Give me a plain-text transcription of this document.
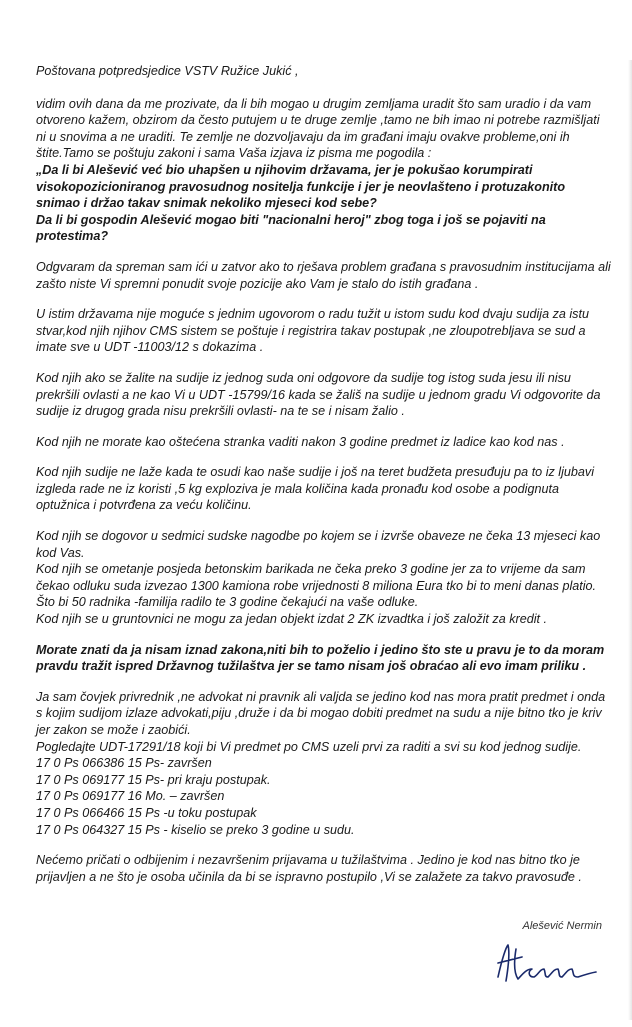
Poštovana potpredsjedice VSTV Ružice Jukić ,

vidim ovih dana da me prozivate, da li bih mogao u drugim zemljama uradit što sam uradio i da vam otvoreno kažem, obzirom da često putujem u te druge zemlje ,tamo ne bih imao ni potrebe razmišljati ni u snovima a ne uraditi. Te zemlje ne dozvoljavaju da im građani imaju ovakve probleme,oni ih štite.Tamo se poštuju zakoni i sama Vaša izjava iz pisma me pogodila :

„Da li bi Alešević već bio uhapšen u njihovim državama, jer je pokušao korumpirati visokopozicioniranog pravosudnog nositelja funkcije i jer je neovlašteno i protuzakonito snimao i držao takav snimak nekoliko mjeseci kod sebe?

Da li bi gospodin Alešević mogao biti "nacionalni heroj" zbog toga i još se pojaviti na protestima?

Odgvaram da spreman sam ići u zatvor ako to rješava problem građana s pravosudnim institucijama ali zašto niste Vi spremni ponudit svoje pozicije ako Vam je stalo do istih građana .

U istim državama nije moguće s jednim ugovorom o radu tužit u istom sudu kod dvaju sudija za istu stvar,kod njih njihov CMS sistem se poštuje i registrira takav postupak ,ne zloupotrebljava se sud a imate sve u UDT -11003/12 s dokazima .

Kod njih ako se žalite na sudije iz jednog suda oni odgovore da sudije tog istog suda jesu ili nisu prekršili ovlasti a ne kao Vi u UDT -15799/16 kada se žališ na sudije u jednom gradu Vi odgovorite da sudije iz drugog grada nisu prekršili ovlasti- na te se i nisam žalio .

Kod njih ne morate kao oštećena stranka vaditi nakon 3 godine predmet iz ladice kao kod nas .

Kod njih sudije ne laže kada te osudi kao naše sudije i još na teret budžeta presuđuju pa to iz ljubavi izgleda rade ne iz koristi ,5 kg explozivа je mala količina kada pronađu kod osobe a podignuta optužnica i potvrđena za veću količinu.

Kod njih se dogovor u sedmici sudske nagodbe po kojem se i izvrše obaveze ne čeka 13 mjeseci kao kod Vas.
Kod njih se ometanje posjeda betonskim barikada ne čeka preko 3 godine jer za to vrijeme da sam čekao odluku suda izvezao 1300 kamiona robe vrijednosti 8 miliona Eura tko bi to meni danas platio.
Što bi 50 radnika -familija radilo te 3 godine čekajući na vaše odluke.
Kod njih se u gruntovnici ne mogu za jedan objekt izdat 2 ZK izvadtka i još založit za kredit .

Morate znati da ja nisam iznad zakona,niti bih to poželio i jedino što ste u pravu je to da moram pravdu tražit ispred Državnog tužilaštva jer se tamo nisam još obraćao ali evo imam priliku .

Ja sam čovjek privrednik ,ne advokat ni pravnik ali valjda se jedino kod nas mora pratit predmet i onda s kojim sudijom izlaze advokati,piju ,druže i da bi mogao dobiti predmet na sudu a nije bitno tko je kriv jer zakon se može i zaobići.
Pogledajte UDT-17291/18 koji bi Vi predmet po CMS uzeli prvi za raditi a svi su kod jednog sudije.
17 0 Ps 066386 15 Ps- završen
17 0 Ps 069177 15 Ps- pri kraju postupak.
17 0 Ps 069177 16 Mo. – završen
17 0 Ps 066466 15 Ps -u toku postupak
17 0 Ps 064327 15 Ps - kiselio se preko 3 godine u sudu.

Nećemo pričati o odbijenim i nezavršenim prijavama u tužilaštvima . Jedino je kod nas bitno tko je prijavljen a ne što je osoba učinila da bi se ispravno postupilo ,Vi se zalažete za takvo pravosuđe .

Alešević Nermin
